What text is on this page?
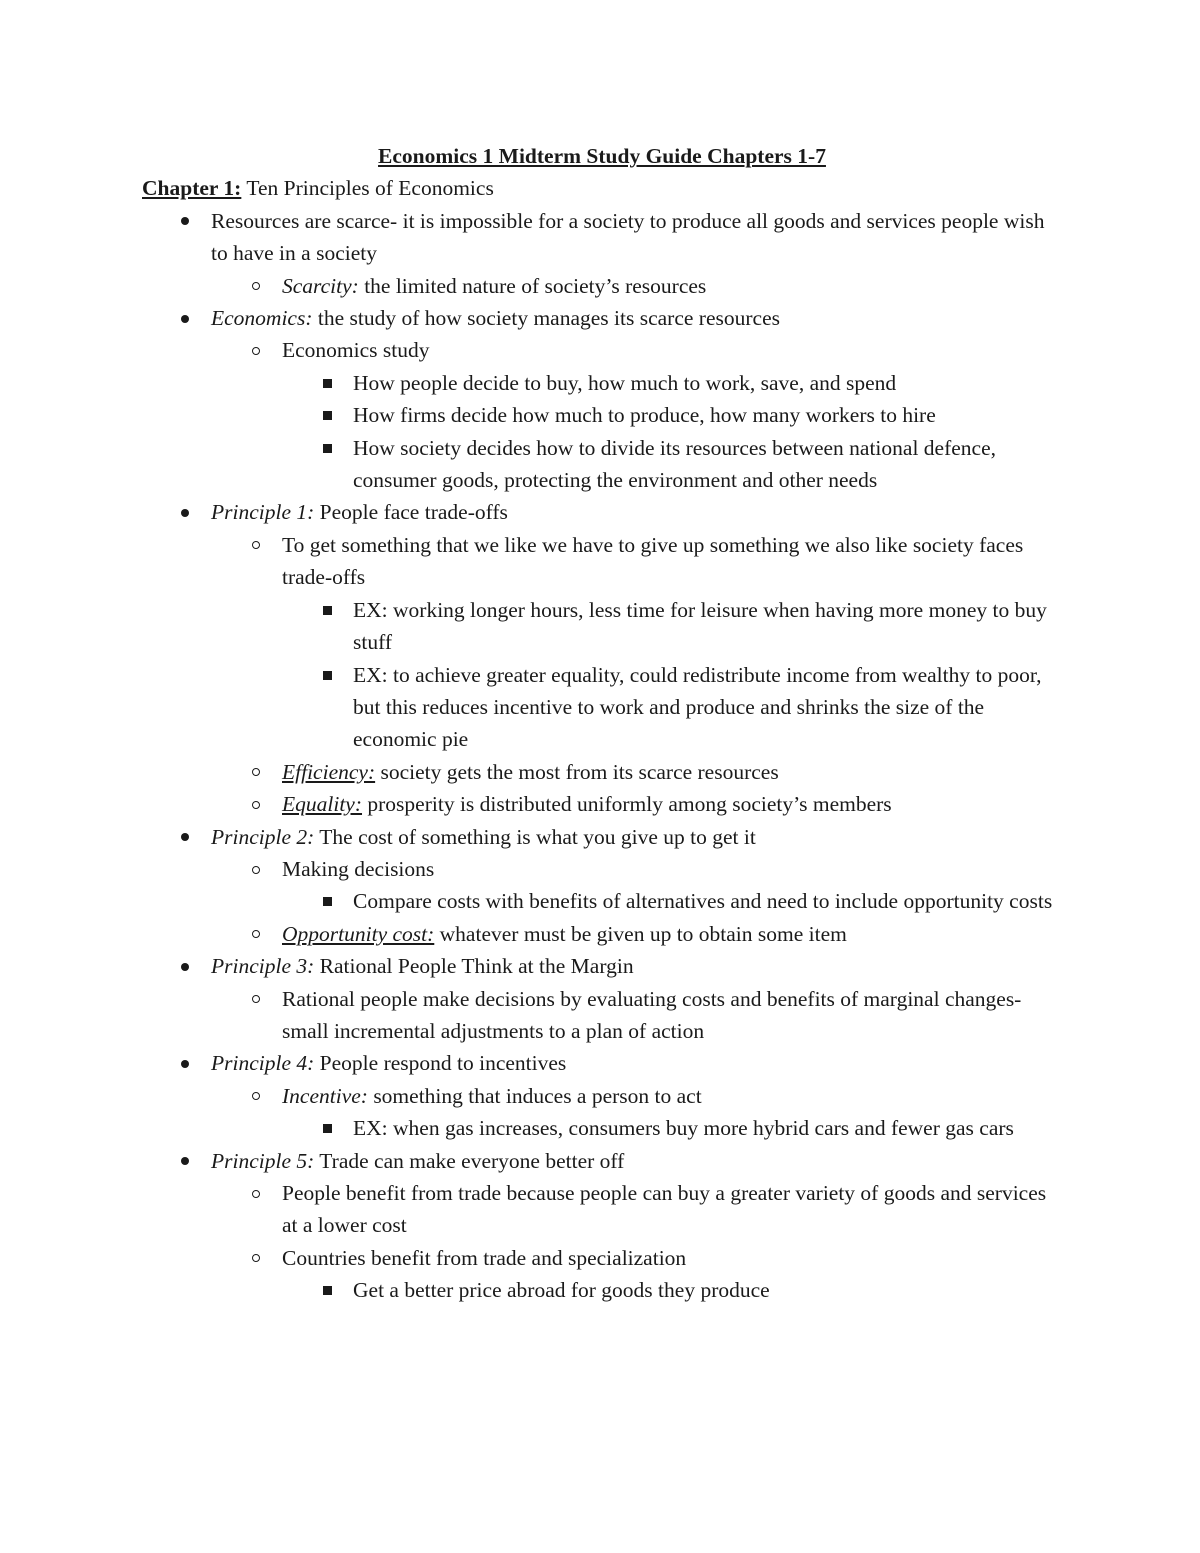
Economics 1 Midterm Study Guide Chapters 1-7

Chapter 1: Ten Principles of Economics

Resources are scarce- it is impossible for a society to produce all goods and services people wish to have in a society
Scarcity: the limited nature of society’s resources
Economics: the study of how society manages its scarce resources
Economics study
How people decide to buy, how much to work, save, and spend
How firms decide how much to produce, how many workers to hire
How society decides how to divide its resources between national defence, consumer goods, protecting the environment and other needs
Principle 1: People face trade-offs
To get something that we like we have to give up something we also like society faces trade-offs
EX: working longer hours, less time for leisure when having more money to buy stuff
EX: to achieve greater equality, could redistribute income from wealthy to poor, but this reduces incentive to work and produce and shrinks the size of the economic pie
Efficiency: society gets the most from its scarce resources
Equality: prosperity is distributed uniformly among society’s members
Principle 2: The cost of something is what you give up to get it
Making decisions
Compare costs with benefits of alternatives and need to include opportunity costs
Opportunity cost: whatever must be given up to obtain some item
Principle 3: Rational People Think at the Margin
Rational people make decisions by evaluating costs and benefits of marginal changes- small incremental adjustments to a plan of action
Principle 4: People respond to incentives
Incentive: something that induces a person to act
EX: when gas increases, consumers buy more hybrid cars and fewer gas cars
Principle 5: Trade can make everyone better off
People benefit from trade because people can buy a greater variety of goods and services at a lower cost
Countries benefit from trade and specialization
Get a better price abroad for goods they produce
